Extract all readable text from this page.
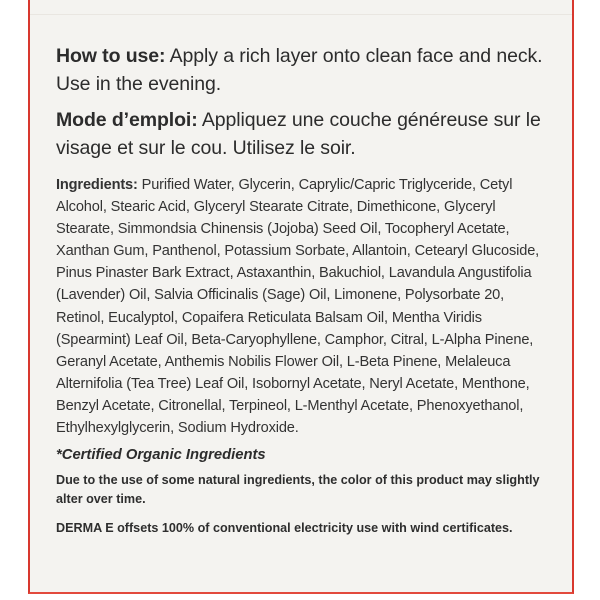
How to use: Apply a rich layer onto clean face and neck. Use in the evening.

Mode d’emploi: Appliquez une couche généreuse sur le visage et sur le cou. Utilisez le soir.

Ingredients: Purified Water, Glycerin, Caprylic/Capric Triglyceride, Cetyl Alcohol, Stearic Acid, Glyceryl Stearate Citrate, Dimethicone, Glyceryl Stearate, Simmondsia Chinensis (Jojoba) Seed Oil, Tocopheryl Acetate, Xanthan Gum, Panthenol, Potassium Sorbate, Allantoin, Cetearyl Glucoside, Pinus Pinaster Bark Extract, Astaxanthin, Bakuchiol, Lavandula Angustifolia (Lavender) Oil, Salvia Officinalis (Sage) Oil, Limonene, Polysorbate 20, Retinol, Eucalyptol, Copaifera Reticulata Balsam Oil, Mentha Viridis (Spearmint) Leaf Oil, Beta-Caryophyllene, Camphor, Citral, L-Alpha Pinene, Geranyl Acetate, Anthemis Nobilis Flower Oil, L-Beta Pinene, Melaleuca Alternifolia (Tea Tree) Leaf Oil, Isobornyl Acetate, Neryl Acetate, Menthone, Benzyl Acetate, Citronellal, Terpineol, L-Menthyl Acetate, Phenoxyethanol, Ethylhexylglycerin, Sodium Hydroxide.
*Certified Organic Ingredients
Due to the use of some natural ingredients, the color of this product may slightly alter over time.
DERMA E offsets 100% of conventional electricity use with wind certificates.
